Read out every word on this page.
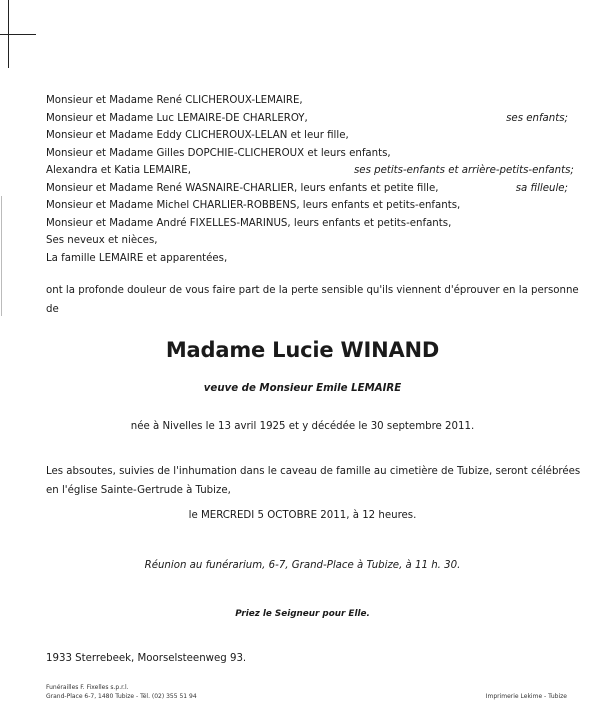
Monsieur et Madame René CLICHEROUX-LEMAIRE,
Monsieur et Madame Luc LEMAIRE-DE CHARLEROY,	ses enfants;
Monsieur et Madame Eddy CLICHEROUX-LELAN et leur fille,
Monsieur et Madame Gilles DOPCHIE-CLICHEROUX et leurs enfants,
Alexandra et Katia LEMAIRE,	ses petits-enfants et arrière-petits-enfants;
Monsieur et Madame René WASNAIRE-CHARLIER, leurs enfants et petite fille,	sa filleule;
Monsieur et Madame Michel CHARLIER-ROBBENS, leurs enfants et petits-enfants,
Monsieur et Madame André FIXELLES-MARINUS, leurs enfants et petits-enfants,
Ses neveux et nièces,
La famille LEMAIRE et apparentées,
ont la profonde douleur de vous faire part de la perte sensible qu'ils viennent d'éprouver en la personne
de
Madame Lucie WINAND
veuve de Monsieur Emile LEMAIRE
née à Nivelles le 13 avril 1925 et y décédée le 30 septembre 2011.
Les absoutes, suivies de l'inhumation dans le caveau de famille au cimetière de Tubize, seront célébrées
en l'église Sainte-Gertrude à Tubize,
le MERCREDI 5 OCTOBRE 2011, à 12 heures.
Réunion au funérarium, 6-7, Grand-Place à Tubize, à 11 h. 30.
Priez le Seigneur pour Elle.
1933 Sterrebeek, Moorselsteenweg 93.
Funérailles F. Fixelles s.p.r.l.
Grand-Place 6-7, 1480 Tubize - Tél. (02) 355 51 94	Imprimerie Lekime - Tubize
